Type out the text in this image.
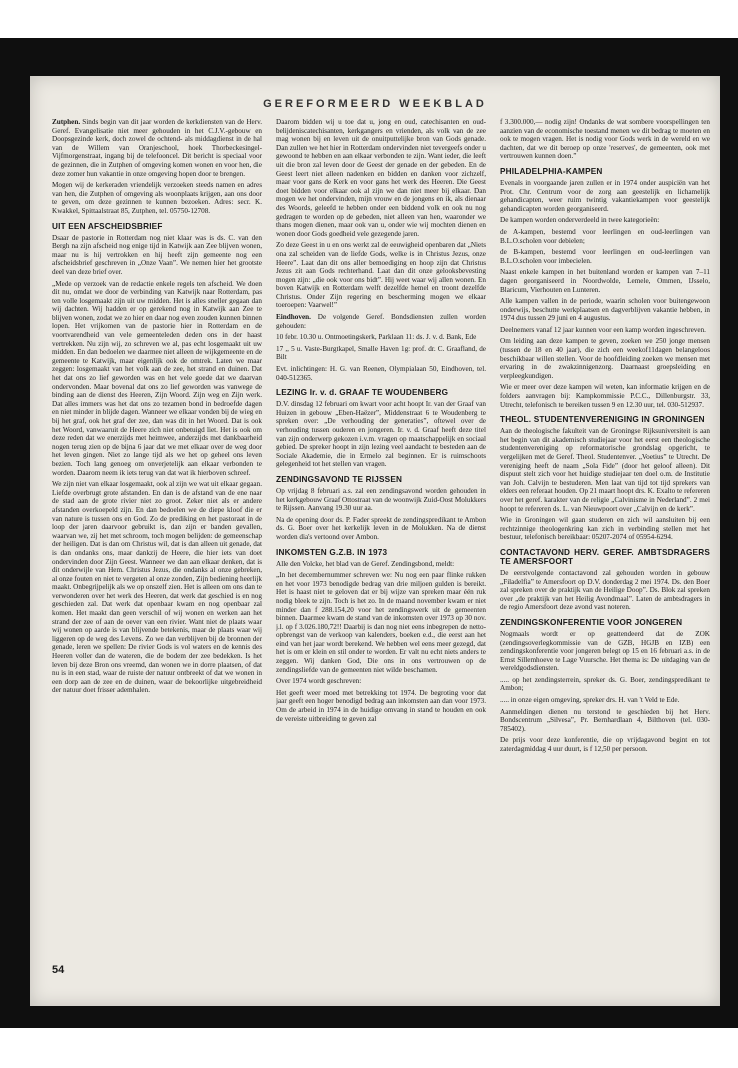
GEREFORMEERD WEEKBLAD

Zutphen. Sinds begin van dit jaar worden de kerkdiensten van de Herv. Geref. Evangelisatie niet meer gehouden in het C.J.V.-gebouw en Doopsgezinde kerk, doch zowel de ochtend- als middagdienst in de hal van de Willem van Oranjeschool, hoek Thorbeckesingel-Vijfmorgenstraat, ingang bij de telefooncel. Dit bericht is speciaal voor de gezinnen, die in Zutphen of omgeving komen wonen en voor hen, die deze zomer hun vakantie in onze omgeving hopen door te brengen.

Mogen wij de kerkeraden vriendelijk verzoeken steeds namen en adres van hen, die Zutphen of omgeving als woonplaats krijgen, aan ons door te geven, om deze gezinnen te kunnen bezoeken. Adres: secr. K. Kwakkel, Spittaalstraat 85, Zutphen, tel. 05750-12708.

UIT EEN AFSCHEIDSBRIEF

Dsaar de pastorie in Rotterdam nog niet klaar was is ds. C. van den Bergh na zijn afscheid nog enige tijd in Katwijk aan Zee blijven wonen, maar nu is hij vertrokken en hij heeft zijn gemeente nog een afscheidsbrief geschreven in „Onze Vaan”. We nemen hier het grootste deel van deze brief over.

„Mede op verzoek van de redactie enkele regels ten afscheid. We doen dit nu, omdat we door de verbinding van Katwijk naar Rotterdam, pas ten volle losgemaakt zijn uit uw midden. Het is alles sneller gegaan dan wij dachten. Wij hadden er op gerekend nog in Katwijk aan Zee te blijven wonen, zodat we zo hier en daar nog even zouden kunnen binnen lopen. Het vrijkomen van de pastorie hier in Rotterdam en de voortvarendheid van vele gemeenteleden deden ons in der haast vertrekken. Nu zijn wij, zo schreven we al, pas echt losgemaakt uit uw midden. En dan bedoelen we daarmee niet alleen de wijkgemeente en de gemeente te Katwijk, maar eigenlijk ook de omtrek. Laten we maar zeggen: losgemaakt van het volk aan de zee, het strand en duinen. Dat het dat ons zo lief geworden was en het vele goede dat we daarvan ondervonden. Maar bovenal dat ons zo lief geworden was vanwege de binding aan de dienst des Heeren, Zijn Woord. Zijn weg en Zijn werk. Dat alles immers was het dat ons zo tezamen bond in bedroefde dagen en niet minder in blijde dagen. Wanneer we elkaar vonden bij de wieg en bij het graf, ook het graf der zee, dan was dit in het Woord. Dat is ook het Woord, vanwaaruit de Heere zich niet onbetuigd liet. Het is ook om deze reden dat we enerzijds met heimwee, anderzijds met dankbaarheid nogen terug zien op de bijna 6 jaar dat we met elkaar over de weg door het leven gingen. Niet zo lange tijd als we het op geheel ons leven bezien. Toch lang genoeg om onverjetelijk aan elkaar verbonden te worden. Daarom neem ik iets terug van dat wat ik hierboven schreef.

We zijn niet van elkaar losgemaakt, ook al zijn we wat uit elkaar gegaan. Liefde overbrugt grote afstanden. En dan is de afstand van de ene naar de stad aan de grote rivier niet zo groot. Zeker niet als er andere afstanden overkoepeld zijn. En dan bedoelen we de diepe kloof die er van nature is tussen ons en God. Zo de prediking en het pastoraat in de loop der jaren daarvoor gebruikt is, dan zijn er banden gevallen, waarvan we, zij het met schroom, toch mogen belijden: de gemeenschap der heiligen. Dat is dan om Christus wil, dat is dan alleen uit genade, dat is dan ondanks ons, maar dankzij de Heere, die hier iets van doet ondervinden door Zijn Geest. Wanneer we dan aan elkaar denken, dat is dit onderwijle van Hem. Christus Jezus, die ondanks al onze gebreken, al onze fouten en niet te vergeten al onze zonden, Zijn bediening heerlijk maakt. Onbegrijpelijk als we op onszelf zien. Het is alleen om ons dan te verwonderen over het werk des Heeren, dat werk dat geschied is en nog geschieden zal. Dat werk dat openbaar kwam en nog openbaar zal komen. Het maakt dan geen verschil of wij wonen en werken aan het strand der zee of aan de oever van een rivier. Want niet de plaats waar wij wonen op aarde is van blijvende betekenis, maar de plaats waar wij liggeren op de weg des Levens. Zo we dan verblijven bij de bronnen der genade, leren we spellen: De rivier Gods is vol waters en de kennis des Heeren voller dan de wateren, die de bodem der zee bedekken. Is het leven bij deze Bron ons vreemd, dan wonen we in dorre plaatsen, of dat nu is in een stad, waar de ruiste der natuur ontbreekt of dat we wonen in een dorp aan de zee en de duinen, waar de bekoorlijke uitgebreidheid der natuur doet frisser ademhalen.

Daarom bidden wij u toe dat u, jong en oud, catechisanten en oud-belijdeniscatechisanten, kerkgangers en vrienden, als volk van de zee mag wonen bij en leven uit de onuitputtelijke bron van Gods genade. Dan zullen we het hier in Rotterdam ondervinden niet tevergeefs onder u gewoond te hebben en aan elkaar verbonden te zijn. Want ieder, die leeft uit die bron zal leven door de Geest der genade en der gebeden. En de Geest leert niet alleen nadenken en bidden en danken voor zichzelf, maar voor gans de Kerk en voor gans het werk des Heeren. Die Geest doet bidden voor elkaar ook al zijn we dan niet meer bij elkaar. Dan mogen we het ondervinden, mijn vrouw en de jongens en ik, als dienaar des Woords, geleefd te hebben onder een biddend volk en ook nu nog gedragen te worden op de gebeden, niet alleen van hen, waaronder we thans mogen dienen, maar ook van u, onder wie wij mochten dienen en wonen door Gods goedheid vele gezegende jaren.

Zo deze Geest in u en ons werkt zal de eeuwigheid openbaren dat „Niets ona zal scheiden van de liefde Gods, welke is in Christus Jezus, onze Heere”. Laat dan dit ons aller bemoediging en hoop zijn dat Christus Jezus zit aan Gods rechterhand. Laat dan dit onze gelooksbevesting mogen zijn: „die ook voor ons bidt”. Hij weet waar wij allen wonen. En boven Katwijk en Rotterdam welft dezelfde hemel en troont dezelfde Christus. Onder Zijn regering en bescherming mogen we elkaar toeroepen: Vaarwel!”

Eindhoven. De volgende Geref. Bondsdiensten zullen worden gehouden:

10 febr. 10.30 u. Ontmoetingskerk, Parklaan 11: ds. J. v. d. Bank, Ede

17 ,, 5 u. Vaste-Burgtkapel, Smalle Haven 1g: prof. dr. C. Graafland, de Bilt

Evt. inlichtingen: H. G. van Reenen, Olympialaan 50, Eindhoven, tel. 040-512365.

LEZING Ir. v. d. GRAAF TE WOUDENBERG

D.V. dinsdag 12 februari om kwart voor acht hoopt Ir. van der Graaf van Huizen in gebouw „Eben-Haëzer”, Middenstraat 6 te Woudenberg te spreken over: „De verhouding der generaties”, oftewel over de verhouding tussen ouderen en jongeren. Ir. v. d. Graaf heeft deze titel van zijn onderwerp gekozen i.v.m. vragen op maatschappelijk en sociaal gebied. De spreker hoopt in zijn lezing veel aandacht te besteden aan de Sociale Akademie, die in Ermelo zal beginnen. Er is ruimschoots gelegenheid tot het stellen van vragen.

ZENDINGSAVOND TE RIJSSEN

Op vrijdag 8 februari a.s. zal een zendingsavond worden gehouden in het kerkgebouw Graaf Ottostraat van de woonwijk Zuid-Oost Molukkers te Rijssen. Aanvang 19.30 uur aa.

Na de opening door ds. P. Fader spreekt de zendingspredikant te Ambon ds. G. Boer over het kerkelijk leven in de Molukken. Na de dienst worden dia's vertoond over Ambon.

INKOMSTEN G.Z.B. IN 1973

Alle den Volcke, het blad van de Geref. Zendingsbond, meldt:

„In het decembernummer schreven we: Nu nog een paar flinke rukken en het voor 1973 benodigde bedrag van drie miljoen gulden is bereikt. Het is haast niet te geloven dat er bij wijze van spreken maar één ruk nodig bleek te zijn. Toch is het zo. In de maand november kwam er niet minder dan f 288.154,20 voor het zendingswerk uit de gemeenten binnen. Daarmee kwam de stand van de inkomsten over 1973 op 30 nov. j.l. op f 3.026.180,72!! Daarbij is dan nog niet eens inbegrepen de netto-opbrengst van de verkoop van kalenders, boeken e.d., die eerst aan het eind van het jaar wordt berekend. We hebben wel eens meer gezegd, dat het is om er klein en stil onder te worden. Er valt nu echt niets anders te zeggen. Wij danken God, Die ons in ons vertrouwen op de zendingsliefde van de gemeenten niet wilde beschamen.

Over 1974 wordt geschreven:

Het geeft weer moed met betrekking tot 1974. De begroting voor dat jaar geeft een hoger benodigd bedrag aan inkomsten aan dan voor 1973. Om de arbeid in 1974 in de huidige omvang in stand te houden en ook de vereiste uitbreiding te geven zal

f 3.300.000,— nodig zijn! Ondanks de wat sombere voorspellingen ten aanzien van de economische toestand menen we dit bedrag te moeten en ook te mogen vragen. Het is nodig voor Gods werk in de wereld en we dachten, dat we dit beroep op onze 'reserves', de gemeenten, ook met vertrouwen kunnen doen.”

PHILADELPHIA-KAMPEN

Evenals in voorgaande jaren zullen er in 1974 onder auspiciën van het Prot. Chr. Centrum voor de zorg aan geestelijk en lichamelijk gehandicapten, weer ruim twintig vakantiekampen voor geestelijk gehandicapten worden georganiseerd.

De kampen worden onderverdeeld in twee kategorieën:

de A-kampen, bestemd voor leerlingen en oud-leerlingen van B.L.O.scholen voor debielen;

de B-kampen, bestemd voor leerlingen en oud-leerlingen van B.L.O.scholen voor imbecielen.

Naast enkele kampen in het buitenland worden er kampen van 7–11 dagen georganiseerd in Noordwolde, Lemele, Ommen, IJsselo, Blaricum, Vierhouten en Lunteren.

Alle kampen vallen in de periode, waarin scholen voor buitengewoon onderwijs, beschutte werkplaatsen en dagverblijven vakantie hebben, in 1974 dus tussen 29 juni en 4 augustus.

Deelnemers vanaf 12 jaar kunnen voor een kamp worden ingeschreven.

Om leiding aan deze kampen te geven, zoeken we 250 jonge mensen (tussen de 18 en 40 jaar), die zich een weekof11dagen belangeloos beschikbaar willen stellen. Voor de hoofdleiding zoeken we mensen met ervaring in de zwakzinnigenzorg. Daarnaast groepsleiding en verpleegkundigen.

Wie er meer over deze kampen wil weten, kan informatie krijgen en de folders aanvragen bij: Kampkommissie P.C.C., Dillenburgstr. 33, Utrecht, telefonisch te bereiken tussen 9 en 12.30 uur, tel. 030-512937.

THEOL. STUDENTENVERENIGING IN GRONINGEN

Aan de theologische fakulteit van de Groningse Rijksuniversiteit is aan het begin van dit akademisch studiejaar voor het eerst een theologische studentenvereniging op reformatorische grondslag opgericht, te vergelijken met de Geref. Theol. Studentenver. „Voetius” te Utrecht. De vereniging heeft de naam „Sola Fide” (door het geloof alleen). Dit dispuut stelt zich voor het huidige studiejaar ten doel o.m. de Institutie van Joh. Calvijn te bestuderen. Men laat van tijd tot tijd sprekers van elders een referaat houden. Op 21 maart hoopt drs. K. Exalto te refereren over het geref. karakter van de religie „Calvinisme in Nederland”. 2 mei hoopt te refereren ds. L. van Nieuwpoort over „Calvijn en de kerk”.

Wie in Groningen wil gaan studeren en zich wil aansluiten bij een rechtzinnige theologenkring kan zich in verbinding stellen met het bestuur, telefonisch bereikbaar: 05207-2074 of 05954-6294.

CONTACTAVOND HERV. GEREF. AMBTSDRAGERS TE AMERSFOORT

De eerstvolgende contactavond zal gehouden worden in gebouw „Filadelfia” te Amersfoort op D.V. donderdag 2 mei 1974. Ds. den Boer zal spreken over de praktijk van de Heilige Doop”. Ds. Blok zal spreken over „de praktijk van het Heilig Avondmaal”. Laten de ambtsdragers in de regio Amersfoort deze avond vast noteren.

ZENDINGSKONFERENTIE VOOR JONGEREN

Nogmaals wordt er op geattendeerd dat de ZOK (zendingsoverlegkommissie van de GZB, HGJB en IZB) een zendingskonferentie voor jongeren belegt op 15 en 16 februari a.s. in de Ernst Sillemhoeve te Lage Vuursche. Het thema is: De uitdaging van de wereldgodsdiensten.

..... op het zendingsterrein, spreker ds. G. Boer, zendingspredikant te Ambon;

..... in onze eigen omgeving, spreker drs. H. van 't Veld te Ede.

Aanmeldingen dienen nu terstond te geschieden bij het Herv. Bondscentrum „Silvesa”, Pr. Bernhardlaan 4, Bilthoven (tel. 030-785402).

De prijs voor deze konferentie, die op vrijdagavond begint en tot zaterdagmiddag 4 uur duurt, is f 12,50 per persoon.

54
